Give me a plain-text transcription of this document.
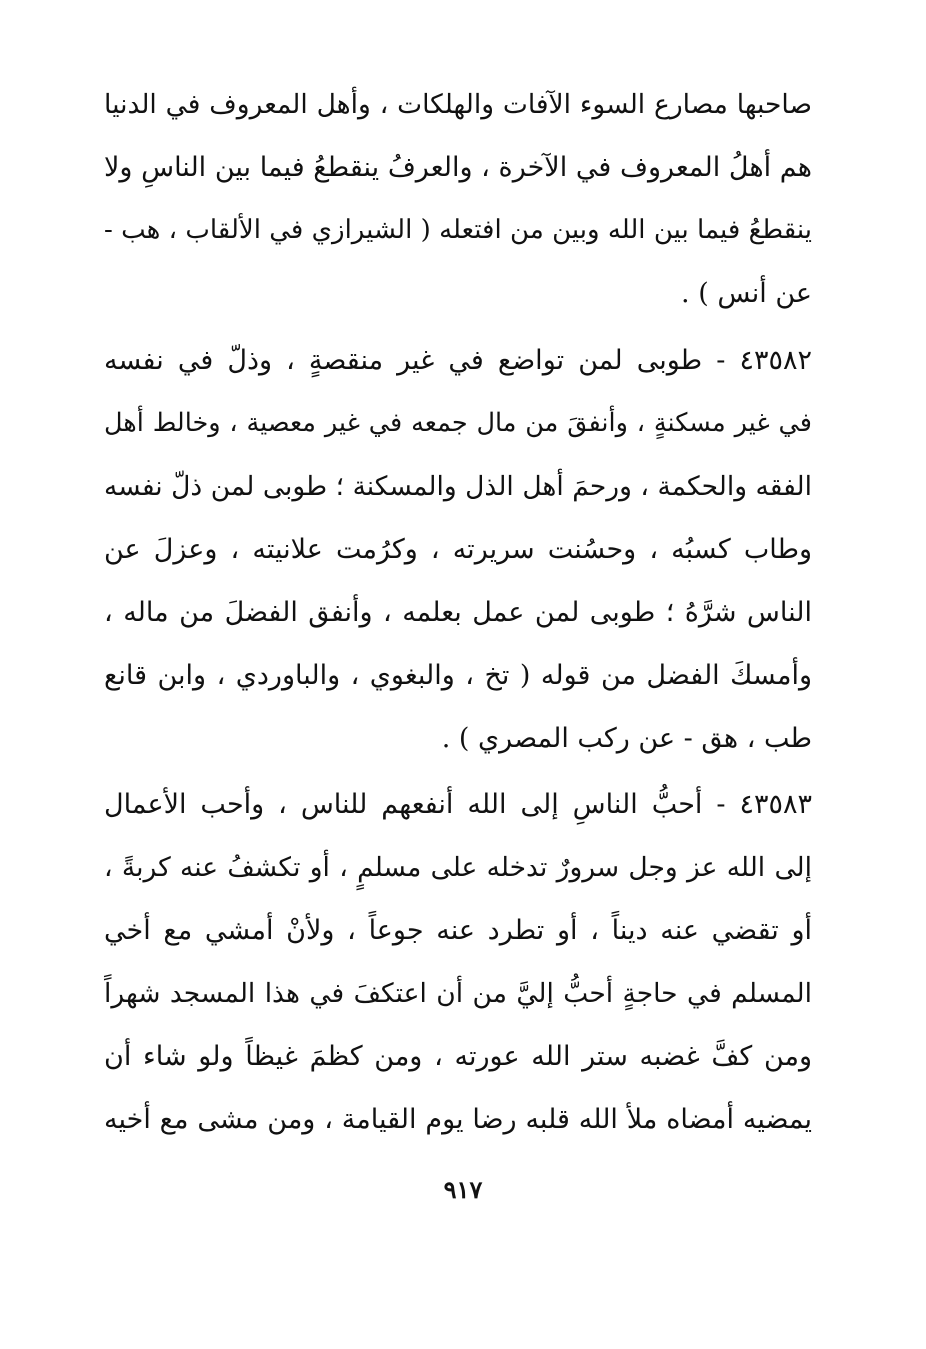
صاحبها مصارع السوء الآفات والهلكات ، وأهل المعروف في الدنيا
هم أهلُ المعروف في الآخرة ، والعرفُ ينقطعُ فيما بين الناسِ ولا
ينقطعُ فيما بين الله وبين من افتعله ( الشيرازي في الألقاب ، هب -
عن أنس ) .
٤٣٥٨٢ - طوبى لمن تواضع في غير منقصةٍ ، وذلّ في نفسه
في غير مسكنةٍ ، وأنفقَ من مال جمعه في غير معصية ، وخالط أهل
الفقه والحكمة ، ورحمَ أهل الذل والمسكنة ؛ طوبى لمن ذلّ نفسه
وطاب كسبُه ، وحسُنت سريرته ، وكرُمت علانيته ، وعزلَ عن
الناس شرَّهُ ؛ طوبى لمن عمل بعلمه ، وأنفق الفضلَ من ماله ،
وأمسكَ الفضل من قوله ( تخ ، والبغوي ، والباوردي ، وابن قانع
طب ، هق - عن ركب المصري ) .
٤٣٥٨٣ - أحبُّ الناسِ إلى الله أنفعهم للناس ، وأحب الأعمال
إلى الله عز وجل سرورٌ تدخله على مسلمٍ ، أو تكشفُ عنه كربةً ،
أو تقضي عنه ديناً ، أو تطرد عنه جوعاً ، ولأنْ أمشي مع أخي
المسلم في حاجةٍ أحبُّ إليَّ من أن اعتكفَ في هذا المسجد شهراً
ومن كفَّ غضبه ستر الله عورته ، ومن كظمَ غيظاً ولو شاء أن
يمضيه أمضاه ملأ الله قلبه رضا يوم القيامة ، ومن مشى مع أخيه
٩١٧
